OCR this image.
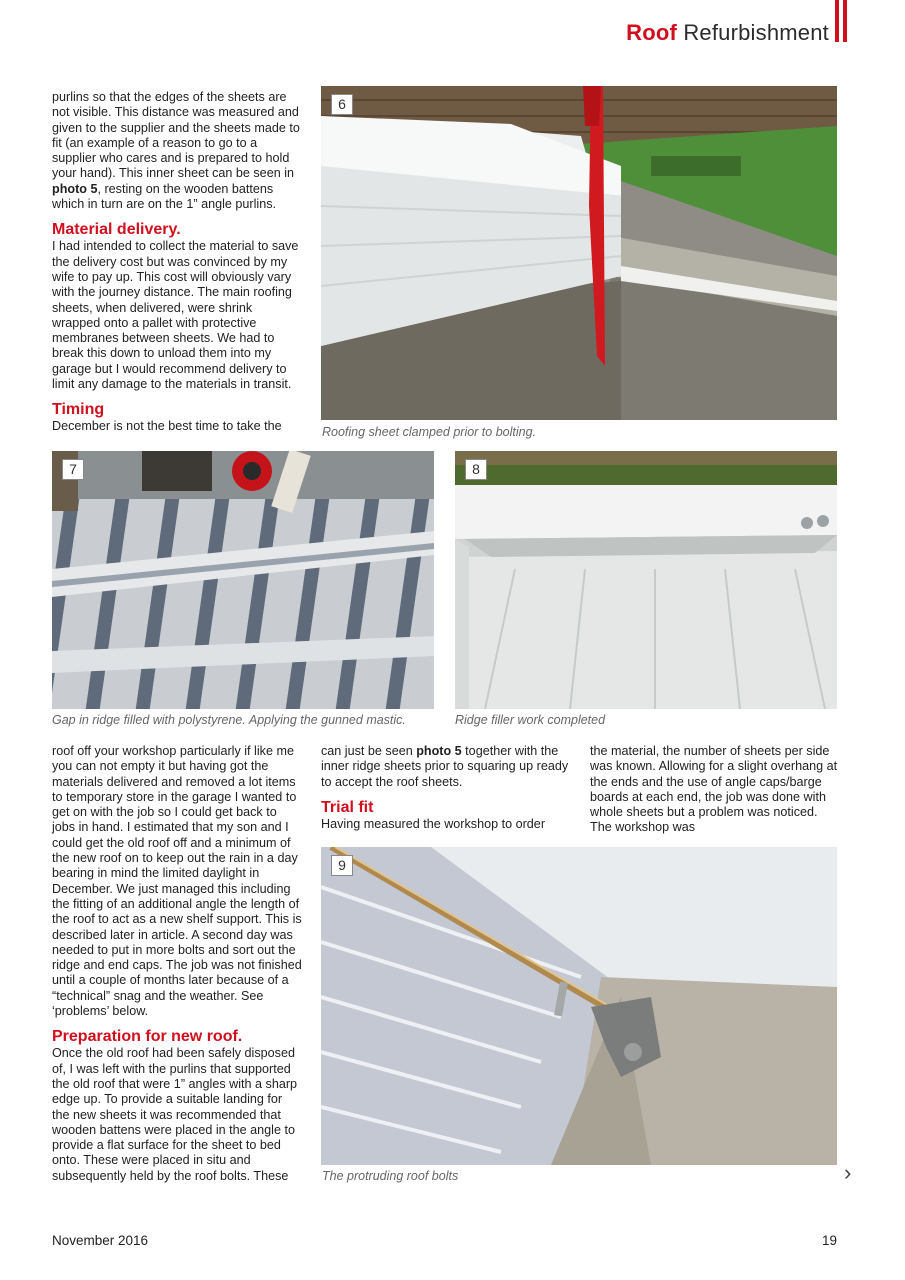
Roof Refurbishment

purlins so that the edges of the sheets are not visible. This distance was measured and given to the supplier and the sheets made to fit (an example of a reason to go to a supplier who cares and is prepared to hold your hand). This inner sheet can be seen in photo 5, resting on the wooden battens which in turn are on the 1” angle purlins.

Material delivery.

I had intended to collect the material to save the delivery cost but was convinced by my wife to pay up. This cost will obviously vary with the journey distance. The main roofing sheets, when delivered, were shrink wrapped onto a pallet with protective membranes between sheets. We had to break this down to unload them into my garage but I would recommend delivery to limit any damage to the materials in transit.

Timing

December is not the best time to take the

6
Roofing sheet clamped prior to bolting.
7
Gap in ridge filled with polystyrene. Applying the gunned mastic.
8
Ridge filler work completed

roof off your workshop particularly if like me you can not empty it but having got the materials delivered and removed a lot items to temporary store in the garage I wanted to get on with the job so I could get back to jobs in hand. I estimated that my son and I could get the old roof off and a minimum of the new roof on to keep out the rain in a day bearing in mind the limited daylight in December. We just managed this including the fitting of an additional angle the length of the roof to act as a new shelf support. This is described later in article. A second day was needed to put in more bolts and sort out the ridge and end caps. The job was not finished until a couple of months later because of a “technical” snag and the weather. See ‘problems’ below.

Preparation for new roof.

Once the old roof had been safely disposed of, I was left with the purlins that supported the old roof that were 1” angles with a sharp edge up. To provide a suitable landing for the new sheets it was recommended that wooden battens were placed in the angle to provide a flat surface for the sheet to bed onto. These were placed in situ and subsequently held by the roof bolts. These

can just be seen photo 5 together with the inner ridge sheets prior to squaring up ready to accept the roof sheets.

Trial fit

Having measured the workshop to order

the material, the number of sheets per side was known. Allowing for a slight overhang at the ends and the use of angle caps/barge boards at each end, the job was done with whole sheets but a problem was noticed. The workshop was

9
The protruding roof bolts	›
November 2016	19
